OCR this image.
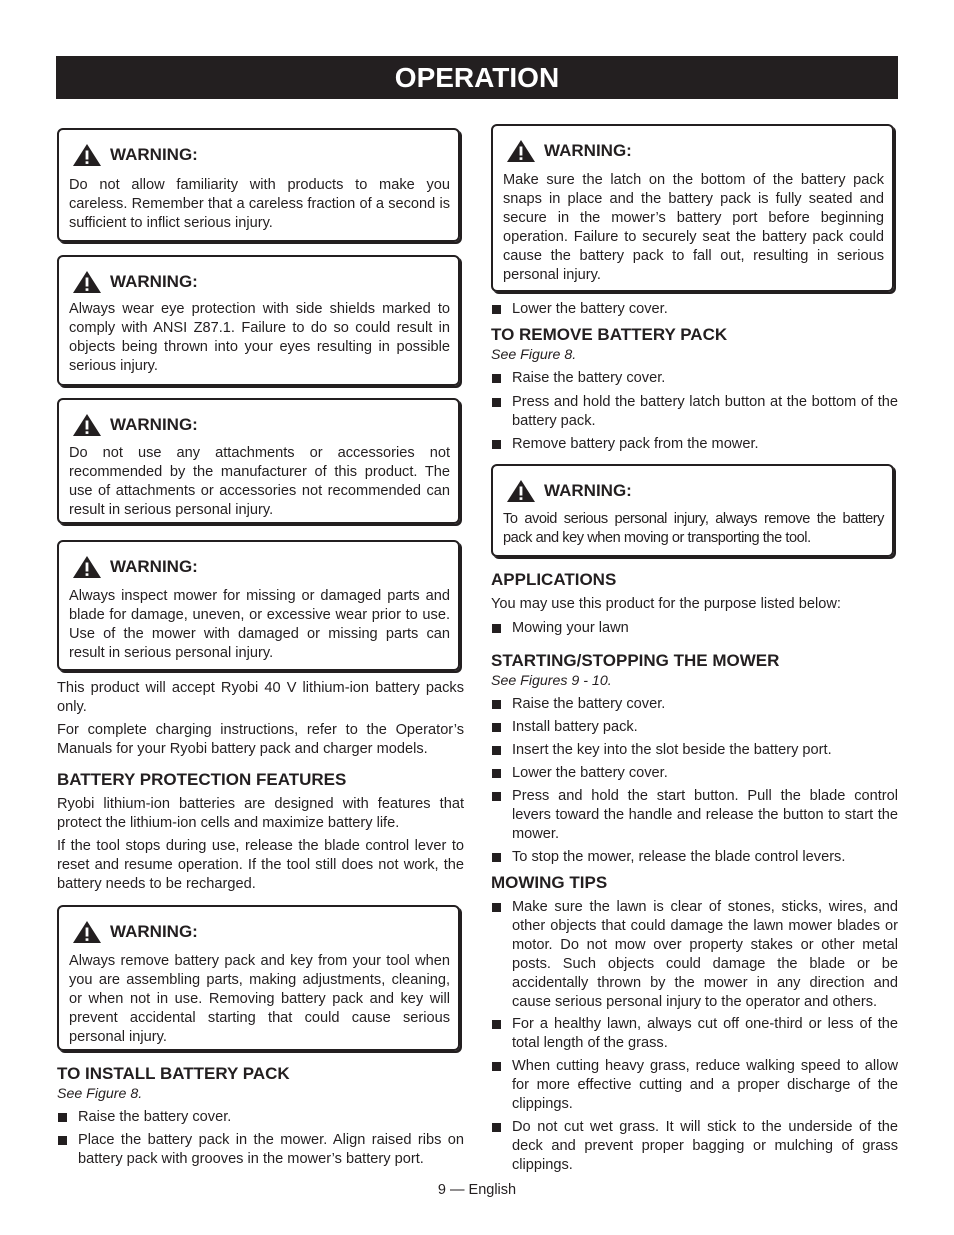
OPERATION
WARNING:
Do not allow familiarity with products to make you careless. Remember that a careless fraction of a second is sufficient to inflict serious injury.
WARNING:
Always wear eye protection with side shields marked to comply with ANSI Z87.1. Failure to do so could result in objects being thrown into your eyes resulting in possible serious injury.
WARNING:
Do not use any attachments or accessories not recommended by the manufacturer of this product. The use of attachments or accessories not recommended can result in serious personal injury.
WARNING:
Always inspect mower for missing or damaged parts and blade for damage, uneven, or excessive wear prior to use. Use of the mower with damaged or missing parts can result in serious personal injury.
This product will accept Ryobi 40 V lithium-ion battery packs only.
For complete charging instructions, refer to the Operator’s Manuals for your Ryobi battery pack and charger models.
BATTERY PROTECTION FEATURES
Ryobi lithium-ion batteries are designed with features that protect the lithium-ion cells and maximize battery life.
If the tool stops during use, release the blade control lever to reset and resume operation. If the tool still does not work, the battery needs to be recharged.
WARNING:
Always remove battery pack and key from your tool when you are assembling parts, making adjustments, cleaning, or when not in use. Removing battery pack and key will prevent accidental starting that could cause serious personal injury.
TO INSTALL BATTERY PACK
See Figure 8.
Raise the battery cover.
Place the battery pack in the mower. Align raised ribs on battery pack with grooves in the mower’s battery port.
WARNING:
Make sure the latch on the bottom of the battery pack snaps in place and the battery pack is fully seated and secure in the mower’s battery port before beginning operation. Failure to securely seat the battery pack could cause the battery pack to fall out, resulting in serious personal injury.
Lower the battery cover.
TO REMOVE BATTERY PACK
See Figure 8.
Raise the battery cover.
Press and hold the battery latch button at the bottom of the battery pack.
Remove battery pack from the mower.
WARNING:
To avoid serious personal injury, always remove the battery pack and key when moving or transporting the tool.
APPLICATIONS
You may use this product for the purpose listed below:
Mowing your lawn
STARTING/STOPPING THE MOWER
See Figures 9 - 10.
Raise the battery cover.
Install battery pack.
Insert the key into the slot beside the battery port.
Lower the battery cover.
Press and hold the start button. Pull the blade control levers toward the handle and release the button to start the mower.
To stop the mower, release the blade control levers.
MOWING TIPS
Make sure the lawn is clear of stones, sticks, wires, and other objects that could damage the lawn mower blades or motor. Do not mow over property stakes or other metal posts. Such objects could damage the blade or be accidentally thrown by the mower in any direction and cause serious personal injury to the operator and others.
For a healthy lawn, always cut off one-third or less of the total length of the grass.
When cutting heavy grass, reduce walking speed to allow for more effective cutting and a proper discharge of the clippings.
Do not cut wet grass. It will stick to the underside of the deck and prevent proper bagging or mulching of grass clippings.
9 — English
